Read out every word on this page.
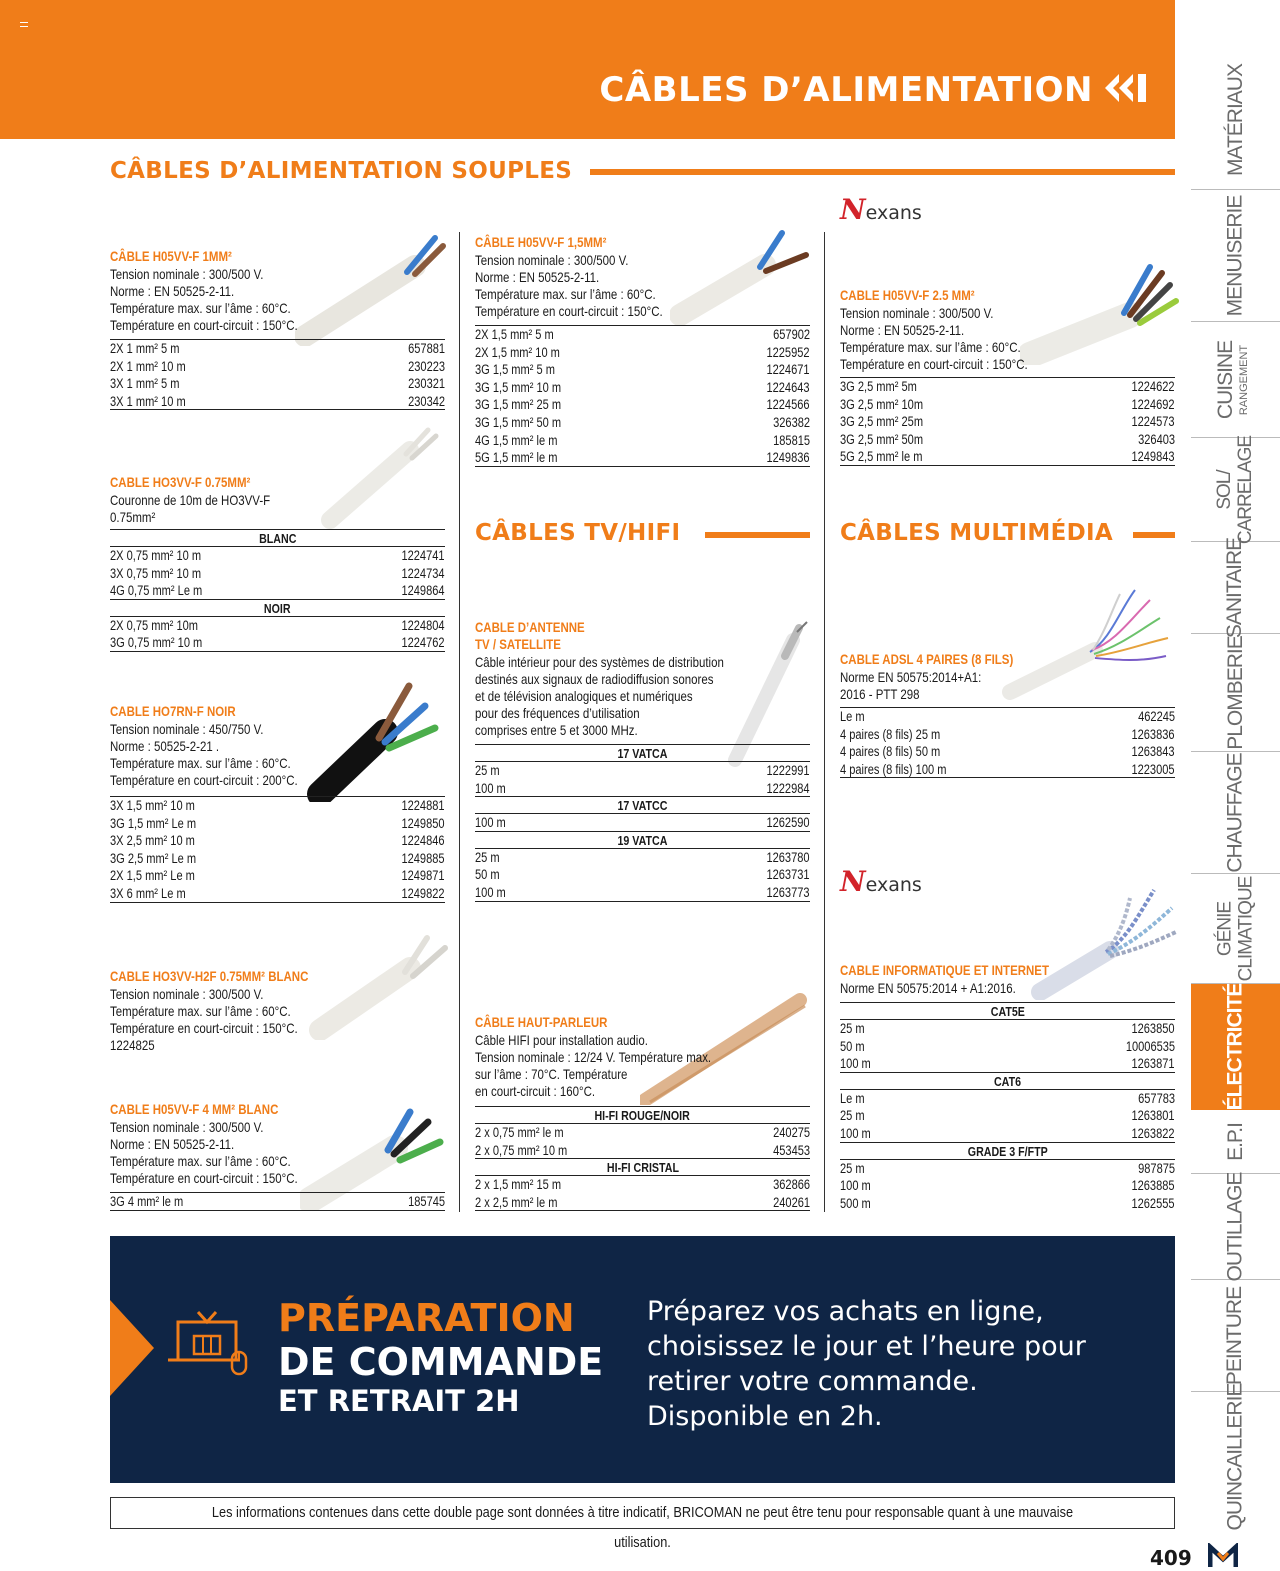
CÂBLES D’ALIMENTATION
CÂBLES D’ALIMENTATION SOUPLES
CÂBLE H05VV-F 1MM²
Tension nominale : 300/500 V.
Norme : EN 50525-2-11.
Température max. sur l’âme : 60°C.
Température en court-circuit : 150°C.
2X 1 mm² 5 m	657881
2X 1 mm² 10 m	230223
3X 1 mm² 5 m	230321
3X 1 mm² 10 m	230342
CABLE HO3VV-F 0.75MM²
Couronne de 10m de HO3VV-F
0.75mm²
BLANC
2X 0,75 mm² 10 m	1224741
3X 0,75 mm² 10 m	1224734
4G 0,75 mm² Le m	1249864
NOIR
2X 0,75 mm² 10m	1224804
3G 0,75 mm² 10 m	1224762
CABLE HO7RN-F NOIR
Tension nominale : 450/750 V.
Norme : 50525-2-21 .
Température max. sur l’âme : 60°C.
Température en court-circuit : 200°C.
3X 1,5 mm² 10 m	1224881
3G 1,5 mm² Le m	1249850
3X 2,5 mm² 10 m	1224846
3G 2,5 mm² Le m	1249885
2X 1,5 mm² Le m	1249871
3X 6 mm² Le m	1249822
CABLE HO3VV-H2F 0.75MM² BLANC
Tension nominale : 300/500 V.
Température max. sur l’âme : 60°C.
Température en court-circuit : 150°C.
1224825
CABLE H05VV-F 4 MM² BLANC
Tension nominale : 300/500 V.
Norme : EN 50525-2-11.
Température max. sur l’âme : 60°C.
Température en court-circuit : 150°C.
3G 4 mm² le m	185745
CÂBLE H05VV-F 1,5MM²
Tension nominale : 300/500 V.
Norme : EN 50525-2-11.
Température max. sur l’âme : 60°C.
Température en court-circuit : 150°C.
2X 1,5 mm² 5 m	657902
2X 1,5 mm² 10 m	1225952
3G 1,5 mm² 5 m	1224671
3G 1,5 mm² 10 m	1224643
3G 1,5 mm² 25 m	1224566
3G 1,5 mm² 50 m	326382
4G 1,5 mm² le m	185815
5G 1,5 mm² le m	1249836
CÂBLES TV/HIFI
CABLE D’ANTENNE
TV / SATELLITE
Câble intérieur pour des systèmes de distribution
destinés aux signaux de radiodiffusion sonores
et de télévision analogiques et numériques
pour des fréquences d’utilisation
comprises entre 5 et 3000 MHz.
17 VATCA
25 m	1222991
100 m	1222984
17 VATCC
100 m	1262590
19 VATCA
25 m	1263780
50 m	1263731
100 m	1263773
CÂBLE HAUT-PARLEUR
Câble HIFI pour installation audio.
Tension nominale : 12/24 V. Température max.
sur l’âme : 70°C. Température
en court-circuit : 160°C.
HI-FI ROUGE/NOIR
2 x 0,75 mm² le m	240275
2 x 0,75 mm² 10 m	453453
HI-FI CRISTAL
2 x 1,5 mm² 15 m	362866
2 x 2,5 mm² le m	240261
Nexans
CABLE H05VV-F 2.5 MM²
Tension nominale : 300/500 V.
Norme : EN 50525-2-11.
Température max. sur l’âme : 60°C.
Température en court-circuit : 150°C.
3G 2,5 mm² 5m	1224622
3G 2,5 mm² 10m	1224692
3G 2,5 mm² 25m	1224573
3G 2,5 mm² 50m	326403
5G 2,5 mm² le m	1249843
CÂBLES MULTIMÉDIA
CABLE ADSL 4 PAIRES (8 FILS)
Norme EN 50575:2014+A1:
2016 - PTT 298
Le m	462245
4 paires (8 fils) 25 m	1263836
4 paires (8 fils) 50 m	1263843
4 paires (8 fils) 100 m	1223005
Nexans
CABLE INFORMATIQUE ET INTERNET
Norme EN 50575:2014 + A1:2016.
CAT5E
25 m	1263850
50 m	10006535
100 m	1263871
CAT6
Le m	657783
25 m	1263801
100 m	1263822
GRADE 3 F/FTP
25 m	987875
100 m	1263885
500 m	1262555
MATÉRIAUX
MENUISERIE
CUISINE RANGEMENT
SOL/ CARRELAGE
SANITAIRE
PLOMBERIE
CHAUFFAGE
GÉNIE CLIMATIQUE
ÉLECTRICITÉ
E.P.I
OUTILLAGE
PEINTURE
QUINCAILLERIE
PRÉPARATION
DE COMMANDE
ET RETRAIT 2H
Préparez vos achats en ligne, choisissez le jour et l’heure pour retirer votre commande. Disponible en 2h.
Les informations contenues dans cette double page sont données à titre indicatif, BRICOMAN ne peut être tenu pour responsable quant à une mauvaise utilisation.
409
